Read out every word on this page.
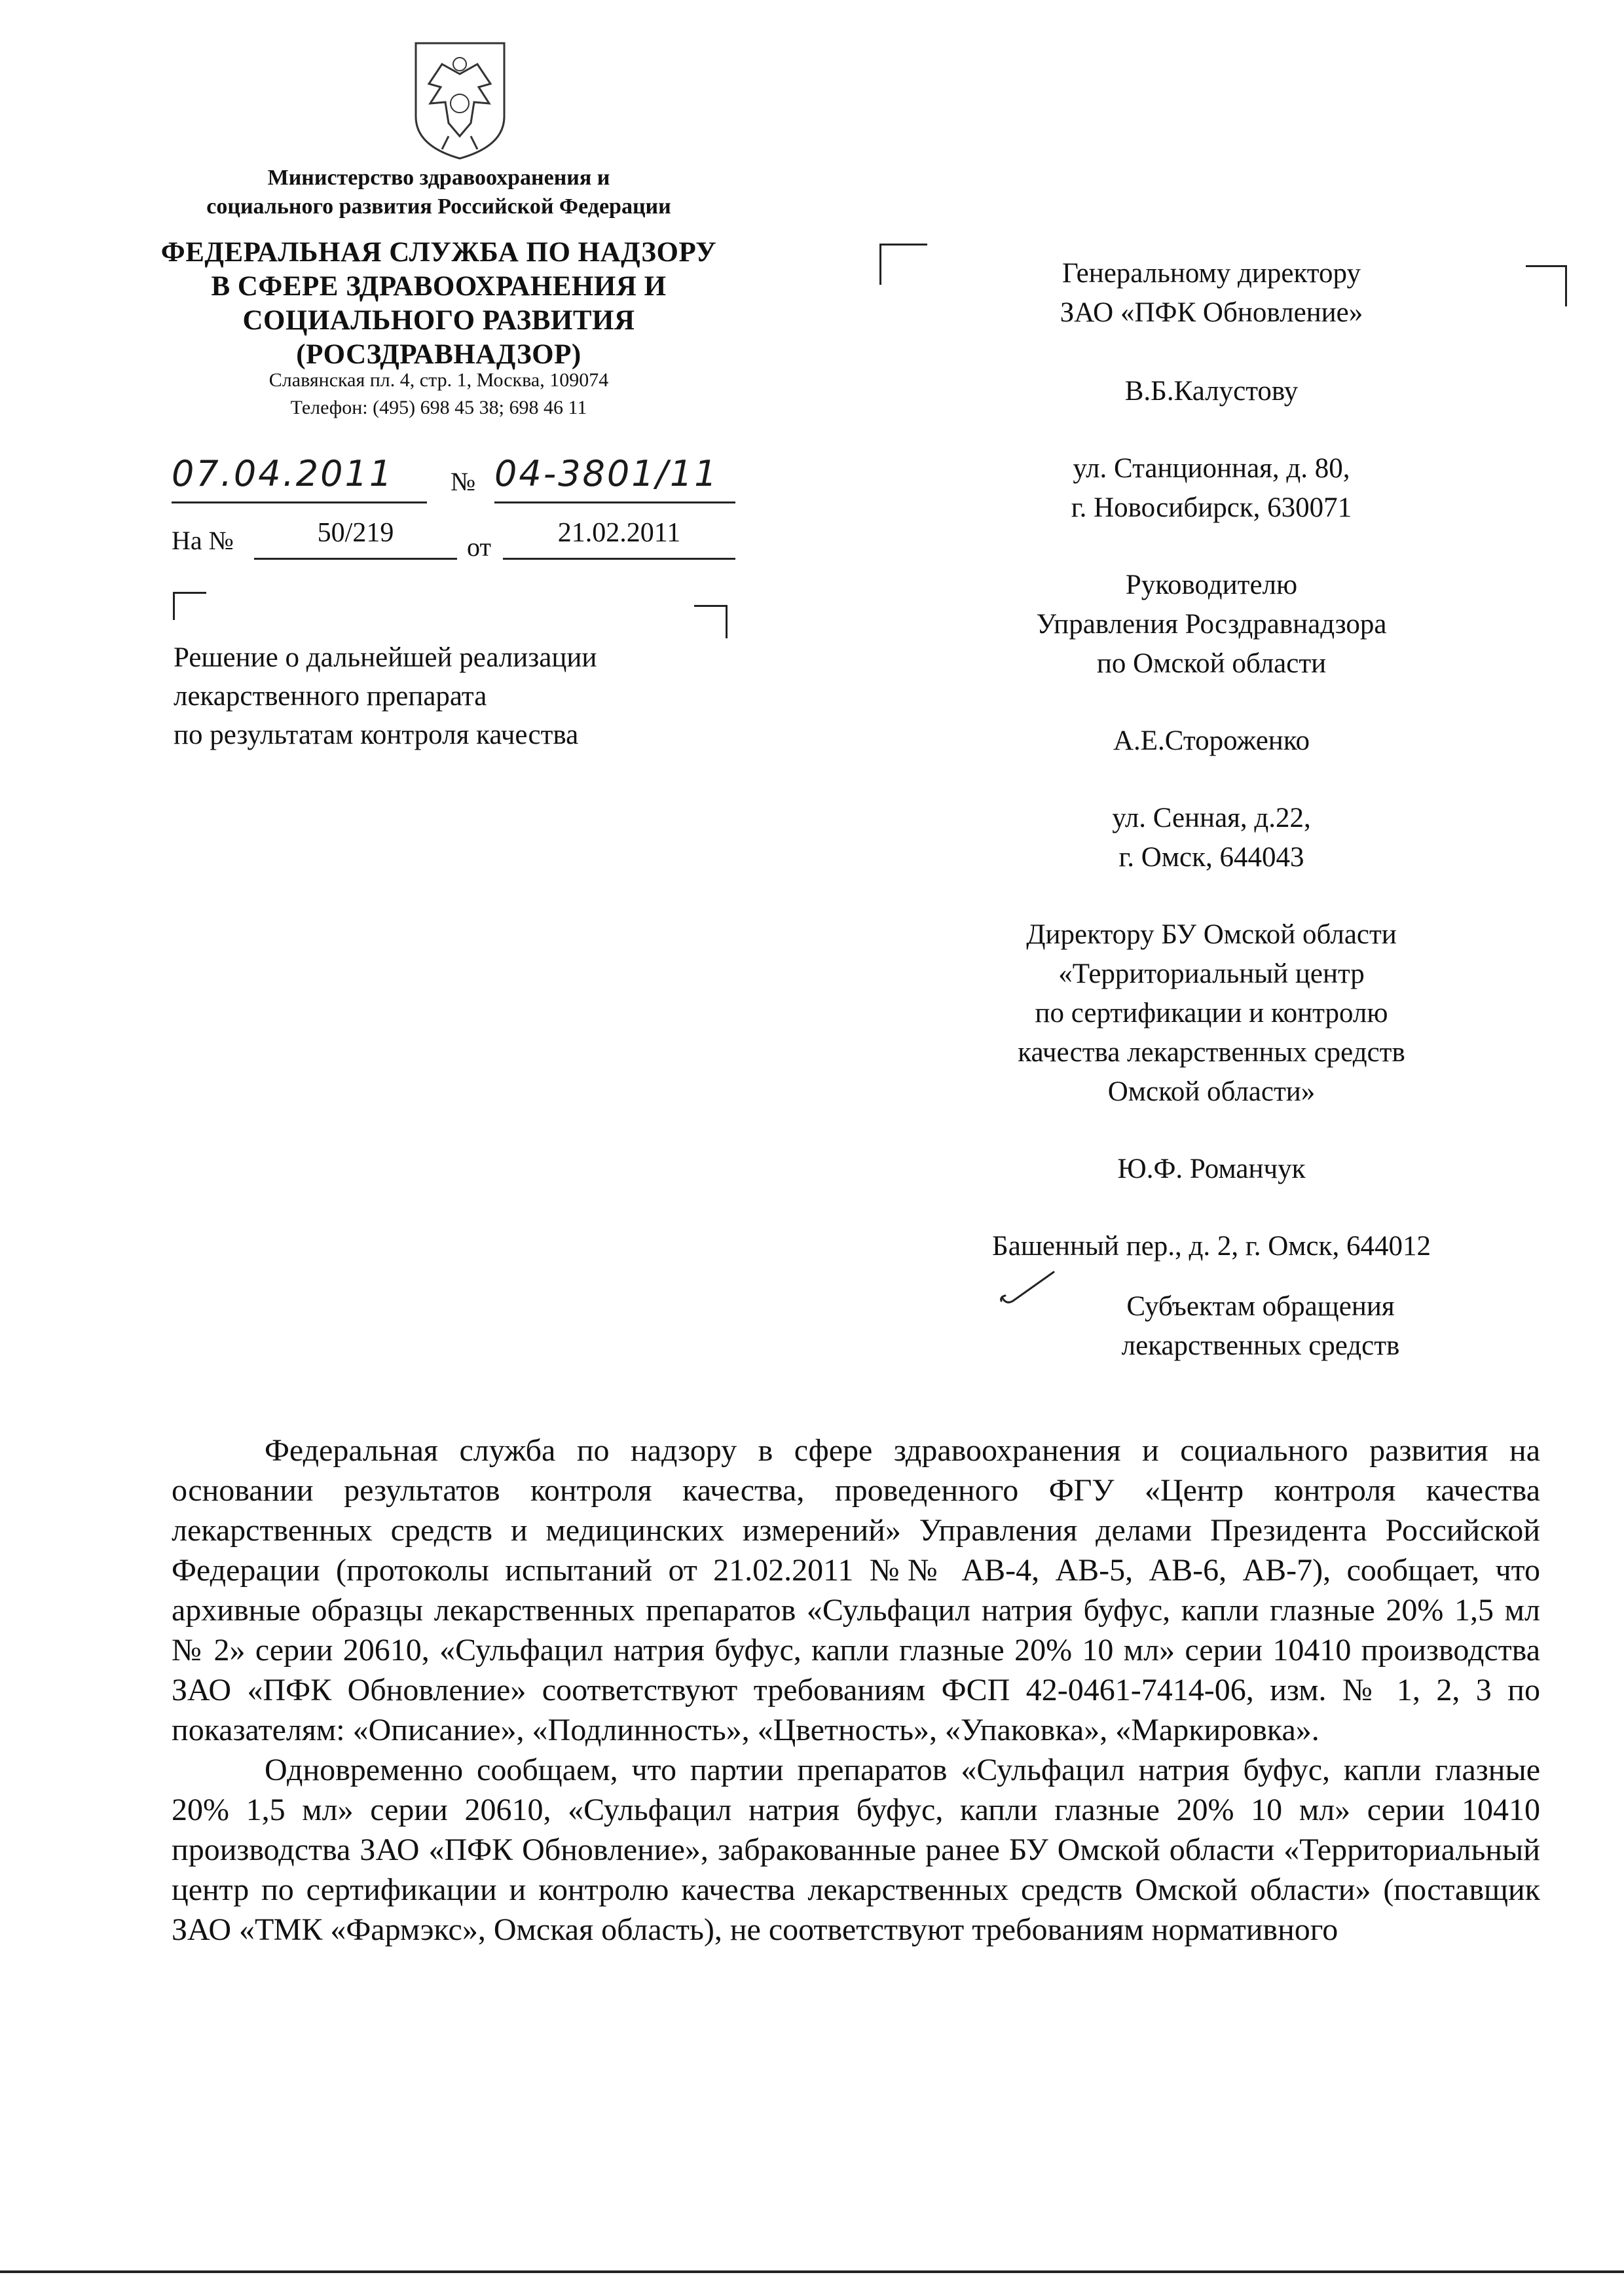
Министерство здравоохранения и
социального развития Российской Федерации
ФЕДЕРАЛЬНАЯ СЛУЖБА ПО НАДЗОРУ
В СФЕРЕ ЗДРАВООХРАНЕНИЯ И
СОЦИАЛЬНОГО РАЗВИТИЯ
(РОСЗДРАВНАДЗОР)
Славянская пл. 4, стр. 1, Москва, 109074
Телефон: (495) 698 45 38; 698 46 11
07.04.2011	№ 04-3801/11
На №	50/219	от	21.02.2011
Решение о дальнейшей реализации
лекарственного препарата
по результатам контроля качества

Генеральному директору

ЗАО «ПФК Обновление»

В.Б.Калустову

ул. Станционная, д. 80,

г. Новосибирск, 630071

Руководителю

Управления Росздравнадзора

по Омской области

А.Е.Стороженко

ул. Сенная, д.22,

г. Омск, 644043

Директору БУ Омской области

«Территориальный центр

по сертификации и контролю

качества лекарственных средств

Омской области»

Ю.Ф. Романчук

Башенный пер., д. 2, г. Омск, 644012

Субъектам обращения

лекарственных средств

Федеральная служба по надзору в сфере здравоохранения и социального развития на основании результатов контроля качества, проведенного ФГУ «Центр контроля качества лекарственных средств и медицинских измерений» Управления делами Президента Российской Федерации (протоколы испытаний от 21.02.2011 №№ АВ-4, АВ-5, АВ-6, АВ-7), сообщает, что архивные образцы лекарственных препаратов «Сульфацил натрия буфус, капли глазные 20% 1,5 мл № 2» серии 20610, «Сульфацил натрия буфус, капли глазные 20% 10 мл» серии 10410 производства ЗАО «ПФК Обновление» соответствуют требованиям ФСП 42-0461-7414-06, изм. № 1, 2, 3 по показателям: «Описание», «Подлинность», «Цветность», «Упаковка», «Маркировка».

Одновременно сообщаем, что партии препаратов «Сульфацил натрия буфус, капли глазные 20% 1,5 мл» серии 20610, «Сульфацил натрия буфус, капли глазные 20% 10 мл» серии 10410 производства ЗАО «ПФК Обновление», забракованные ранее БУ Омской области «Территориальный центр по сертификации и контролю качества лекарственных средств Омской области» (поставщик ЗАО «ТМК «Фармэкс», Омская область), не соответствуют требованиям нормативного
